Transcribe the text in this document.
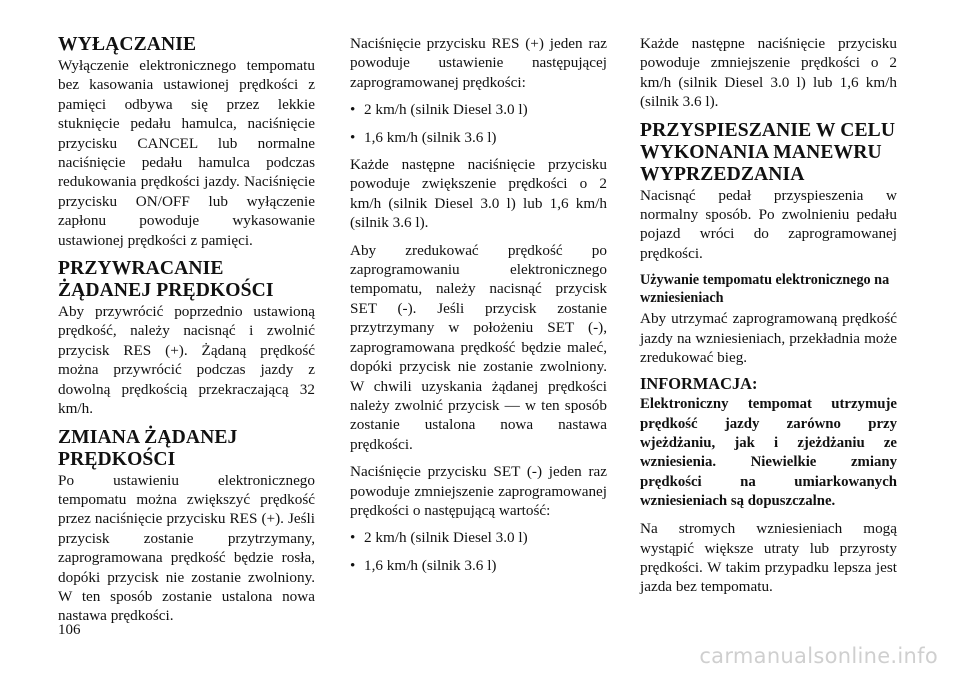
WYŁĄCZANIE

Wyłączenie elektronicznego tempomatu bez kasowania ustawionej prędkości z pamięci odbywa się przez lekkie stuknięcie pedału hamulca, naciśnięcie przycisku CANCEL lub normalne naciśnięcie pedału hamulca podczas redukowania prędkości jazdy. Naciśnięcie przycisku ON/OFF lub wyłączenie zapłonu powoduje wykasowanie ustawionej prędkości z pamięci.

PRZYWRACANIE ŻĄDANEJ PRĘDKOŚCI

Aby przywrócić poprzednio ustawioną prędkość, należy nacisnąć i zwolnić przycisk RES (+). Żądaną prędkość można przywrócić podczas jazdy z dowolną prędkością przekraczającą 32 km/h.

ZMIANA ŻĄDANEJ PRĘDKOŚCI

Po ustawieniu elektronicznego tempomatu można zwiększyć prędkość przez naciśnięcie przycisku RES (+). Jeśli przycisk zostanie przytrzymany, zaprogramowana prędkość będzie rosła, dopóki przycisk nie zostanie zwolniony. W ten sposób zostanie ustalona nowa nastawa prędkości.

Naciśnięcie przycisku RES (+) jeden raz powoduje ustawienie następującej zaprogramowanej prędkości:

• 2 km/h (silnik Diesel 3.0 l)
• 1,6 km/h (silnik 3.6 l)

Każde następne naciśnięcie przycisku powoduje zwiększenie prędkości o 2 km/h (silnik Diesel 3.0 l) lub 1,6 km/h (silnik 3.6 l).

Aby zredukować prędkość po zaprogramowaniu elektronicznego tempomatu, należy nacisnąć przycisk SET (-). Jeśli przycisk zostanie przytrzymany w położeniu SET (-), zaprogramowana prędkość będzie maleć, dopóki przycisk nie zostanie zwolniony. W chwili uzyskania żądanej prędkości należy zwolnić przycisk — w ten sposób zostanie ustalona nowa nastawa prędkości.

Naciśnięcie przycisku SET (-) jeden raz powoduje zmniejszenie zaprogramowanej prędkości o następującą wartość:

• 2 km/h (silnik Diesel 3.0 l)
• 1,6 km/h (silnik 3.6 l)

Każde następne naciśnięcie przycisku powoduje zmniejszenie prędkości o 2 km/h (silnik Diesel 3.0 l) lub 1,6 km/h (silnik 3.6 l).

PRZYSPIESZANIE W CELU WYKONANIA MANEWRU WYPRZEDZANIA

Nacisnąć pedał przyspieszenia w normalny sposób. Po zwolnieniu pedału pojazd wróci do zaprogramowanej prędkości.

Używanie tempomatu elektronicznego na wzniesieniach

Aby utrzymać zaprogramowaną prędkość jazdy na wzniesieniach, przekładnia może zredukować bieg.

INFORMACJA:

Elektroniczny tempomat utrzymuje prędkość jazdy zarówno przy wjeżdżaniu, jak i zjeżdżaniu ze wzniesienia. Niewielkie zmiany prędkości na umiarkowanych wzniesieniach są dopuszczalne.

Na stromych wzniesieniach mogą wystąpić większe utraty lub przyrosty prędkości. W takim przypadku lepsza jest jazda bez tempomatu.

106
carmanualsonline.info
